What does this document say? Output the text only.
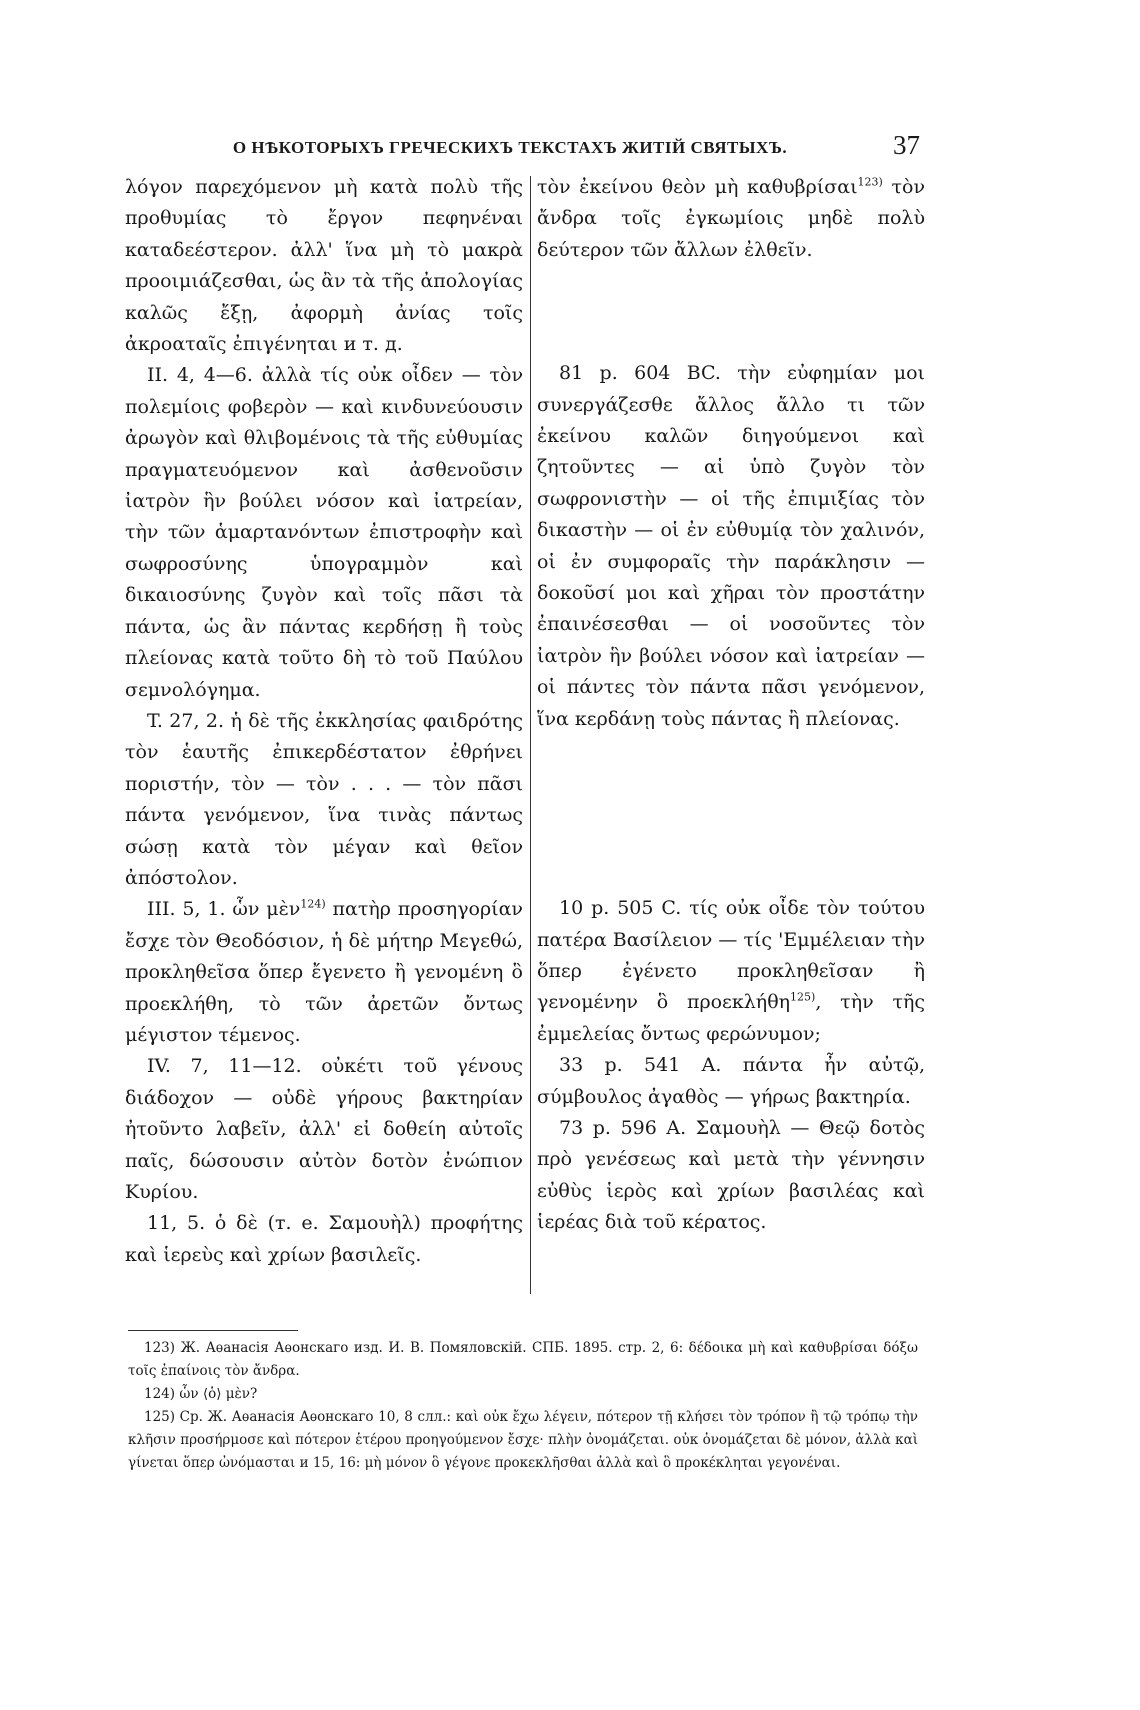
О НѢКОТОРЫХЪ ГРЕЧЕСКИХЪ ТЕКСТАХЪ ЖИТІЙ СВЯТЫХЪ.	37

λόγον παρεχόμενον μὴ κατὰ πολὺ τῆς προθυμίας τὸ ἔργον πεφηνέναι καταδεέστερον. ἀλλ' ἵνα μὴ τὸ μακρὰ προοιμιάζεσθαι, ὡς ἂν τὰ τῆς ἀπολογίας καλῶς ἔξῃ, ἀφορμὴ ἀνίας τοῖς ἀκροαταῖς ἐπιγένηται и т. д.

II. 4, 4—6. ἀλλὰ τίς οὐκ οἶδεν — τὸν πολεμίοις φοβερὸν — καὶ κινδυνεύουσιν ἀρωγὸν καὶ θλιβομένοις τὰ τῆς εὐθυμίας πραγματευόμενον καὶ ἀσθενοῦσιν ἰατρὸν ἣν βούλει νόσον καὶ ἰατρείαν, τὴν τῶν ἁμαρτανόντων ἐπιστροφὴν καὶ σωφροσύνης ὑπογραμμὸν καὶ δικαιοσύνης ζυγὸν καὶ τοῖς πᾶσι τὰ πάντα, ὡς ἂν πάντας κερδήσῃ ἢ τοὺς πλείονας κατὰ τοῦτο δὴ τὸ τοῦ Παύλου σεμνολόγημα.

T. 27, 2. ἡ δὲ τῆς ἐκκλησίας φαιδρότης τὸν ἑαυτῆς ἐπικερδέστατον ἐθρήνει ποριστήν, τὸν — τὸν . . . — τὸν πᾶσι πάντα γενόμενον, ἵνα τινὰς πάντως σώσῃ κατὰ τὸν μέγαν καὶ θεῖον ἀπόστολον.

III. 5, 1. ὧν μὲν$^{124)}$ πατὴρ προσηγορίαν ἔσχε τὸν Θεοδόσιον, ἡ δὲ μήτηρ Μεγεθώ, προκληθεῖσα ὅπερ ἔγενετο ἢ γενομένη ὃ προεκλήθη, τὸ τῶν ἀρετῶν ὄντως μέγιστον τέμενος.

IV. 7, 11—12. οὐκέτι τοῦ γένους διάδοχον — οὐδὲ γήρους βακτηρίαν ἠτοῦντο λαβεῖν, ἀλλ' εἰ δοθείη αὐτοῖς παῖς, δώσουσιν αὐτὸν δοτὸν ἐνώπιον Κυρίου.

11, 5. ὁ δὲ (т. е. Σαμουὴλ) προφήτης καὶ ἱερεὺς καὶ χρίων βασιλεῖς.

τὸν ἐκείνου θεὸν μὴ καθυβρίσαι$^{123)}$ τὸν ἄνδρα τοῖς ἐγκωμίοις μηδὲ πολὺ δεύτερον τῶν ἄλλων ἐλθεῖν.

81 p. 604 BC. τὴν εὐφημίαν μοι συνεργάζεσθε ἄλλος ἄλλο τι τῶν ἐκείνου καλῶν διηγούμενοι καὶ ζητοῦντες — αἱ ὑπὸ ζυγὸν τὸν σωφρονιστὴν — οἱ τῆς ἐπιμιξίας τὸν δικαστὴν — οἱ ἐν εὐθυμίᾳ τὸν χαλινόν, οἱ ἐν συμφοραῖς τὴν παράκλησιν — δοκοῦσί μοι καὶ χῆραι τὸν προστάτην ἐπαινέσεσθαι — οἱ νοσοῦντες τὸν ἰατρὸν ἣν βούλει νόσον καὶ ἰατρείαν — οἱ πάντες τὸν πάντα πᾶσι γενόμενον, ἵνα κερδάνῃ τοὺς πάντας ἢ πλείονας.

10 p. 505 C. τίς οὐκ οἶδε τὸν τούτου πατέρα Βασίλειον — τίς 'Εμμέλειαν τὴν ὅπερ ἐγένετο προκληθεῖσαν ἢ γενομένην ὃ προεκλήθη$^{125)}$, τὴν τῆς ἐμμελείας ὄντως φερώνυμον;

33 p. 541 A. πάντα ἦν αὐτῷ, σύμβουλος ἀγαθὸς — γήρως βακτηρία.

73 p. 596 A. Σαμουὴλ — Θεῷ δοτὸς πρὸ γενέσεως καὶ μετὰ τὴν γέννησιν εὐθὺς ἱερὸς καὶ χρίων βασιλέας καὶ ἱερέας διὰ τοῦ κέρατος.

123) Ж. Аѳанасія Аѳонскаго изд. И. В. Помяловскій. СПБ. 1895. стр. 2, 6: δέδοικα μὴ καὶ καθυβρίσαι δόξω τοῖς ἐπαίνοις τὸν ἄνδρα.

124) ὧν ⟨ὁ⟩ μὲν?

125) Ср. Ж. Аѳанасія Аѳонскаго 10, 8 слл.: καὶ οὐκ ἔχω λέγειν, πότερον τῇ κλήσει τὸν τρόπον ἢ τῷ τρόπῳ τὴν κλῆσιν προσήρμοσε καὶ πότερον ἑτέρου προηγούμενον ἔσχε· πλὴν ὀνομάζεται. οὐκ ὀνομάζεται δὲ μόνον, ἀλλὰ καὶ γίνεται ὅπερ ὠνόμασται и 15, 16: μὴ μόνον ὃ γέγονε προκεκλῆσθαι ἀλλὰ καὶ ὃ προκέκληται γεγονέναι.
